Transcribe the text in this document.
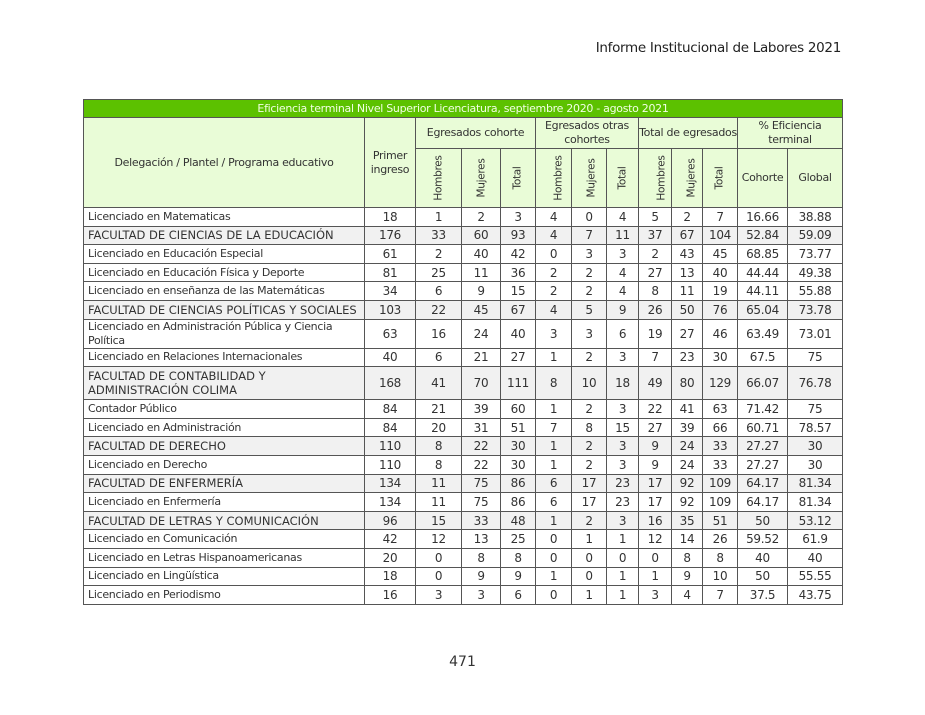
Informe Institucional de Labores 2021
Eficiencia terminal Nivel Superior Licenciatura, septiembre 2020 - agosto 2021												
Delegación / Plantel / Programa educativo	Primer ingreso	Egresados cohorte			Egresados otras cohortes			Total de egresados			% Eficiencia terminal	
		Hombres	Mujeres	Total	Hombres	Mujeres	Total	Hombres	Mujeres	Total	Cohorte	Global
Licenciado en Matematicas	18	1	2	3	4	0	4	5	2	7	16.66	38.88
FACULTAD DE CIENCIAS DE LA EDUCACIÓN	176	33	60	93	4	7	11	37	67	104	52.84	59.09
Licenciado en Educación Especial	61	2	40	42	0	3	3	2	43	45	68.85	73.77
Licenciado en Educación Física y Deporte	81	25	11	36	2	2	4	27	13	40	44.44	49.38
Licenciado en enseñanza de las Matemáticas	34	6	9	15	2	2	4	8	11	19	44.11	55.88
FACULTAD DE CIENCIAS POLÍTICAS Y SOCIALES	103	22	45	67	4	5	9	26	50	76	65.04	73.78
Licenciado en Administración Pública y Ciencia Política	63	16	24	40	3	3	6	19	27	46	63.49	73.01
Licenciado en Relaciones Internacionales	40	6	21	27	1	2	3	7	23	30	67.5	75
FACULTAD DE CONTABILIDAD Y ADMINISTRACIÓN COLIMA	168	41	70	111	8	10	18	49	80	129	66.07	76.78
Contador Público	84	21	39	60	1	2	3	22	41	63	71.42	75
Licenciado en Administración	84	20	31	51	7	8	15	27	39	66	60.71	78.57
FACULTAD DE DERECHO	110	8	22	30	1	2	3	9	24	33	27.27	30
Licenciado en Derecho	110	8	22	30	1	2	3	9	24	33	27.27	30
FACULTAD DE ENFERMERÍA	134	11	75	86	6	17	23	17	92	109	64.17	81.34
Licenciado en Enfermería	134	11	75	86	6	17	23	17	92	109	64.17	81.34
FACULTAD DE LETRAS Y COMUNICACIÓN	96	15	33	48	1	2	3	16	35	51	50	53.12
Licenciado en Comunicación	42	12	13	25	0	1	1	12	14	26	59.52	61.9
Licenciado en Letras Hispanoamericanas	20	0	8	8	0	0	0	0	8	8	40	40
Licenciado en Lingüística	18	0	9	9	1	0	1	1	9	10	50	55.55
Licenciado en Periodismo	16	3	3	6	0	1	1	3	4	7	37.5	43.75
471
